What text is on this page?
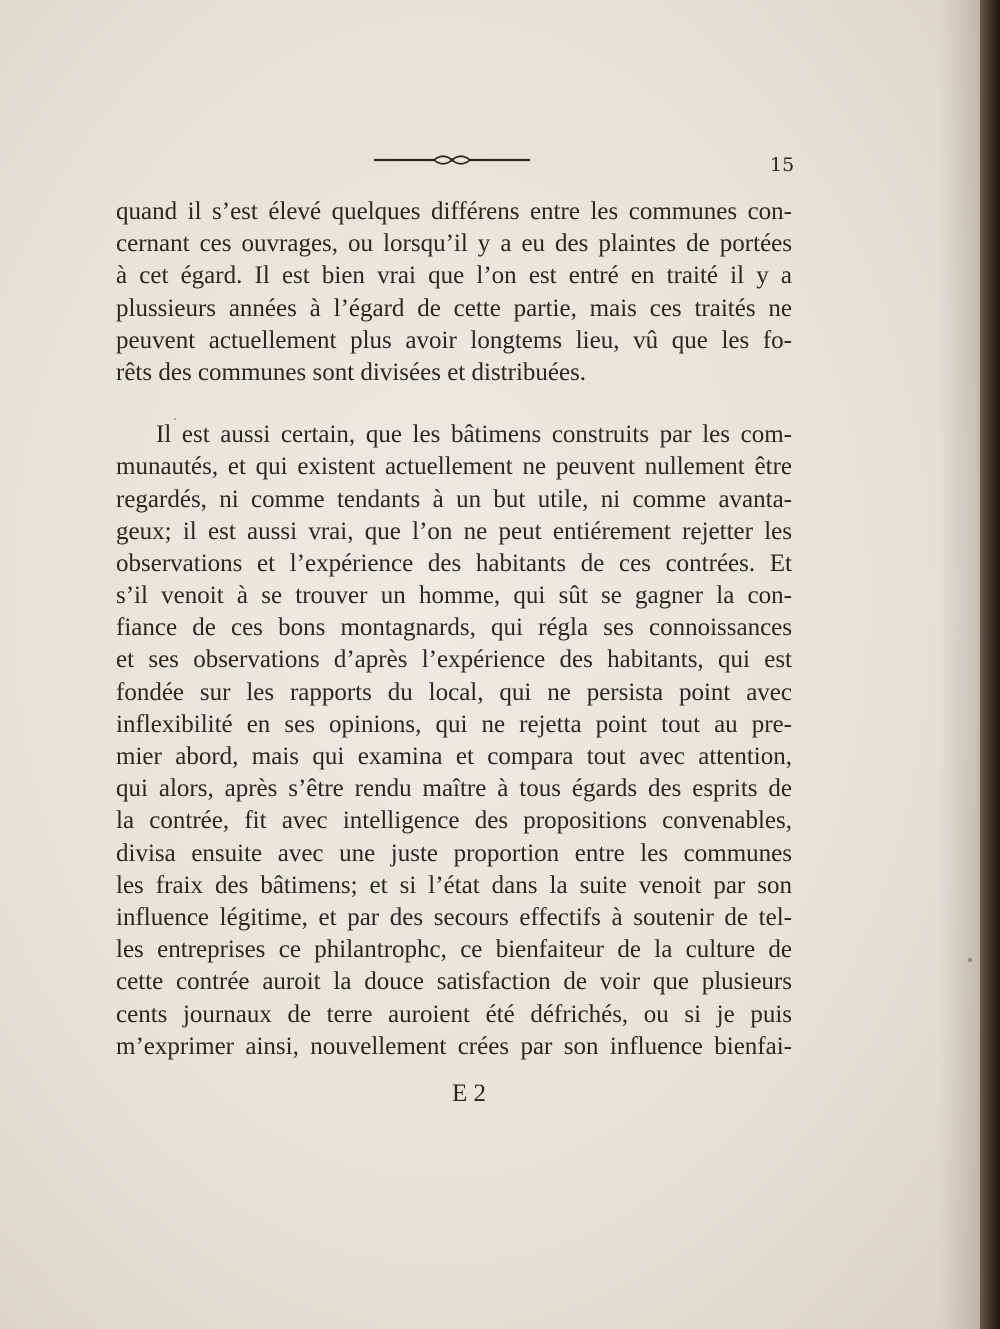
15
quand il s’est élevé quelques différens entre les communes con-
cernant ces ouvrages, ou lorsqu’il y a eu des plaintes de portées
à cet égard. Il est bien vrai que l’on est entré en traité il y a
plussieurs années à l’égard de cette partie, mais ces traités ne
peuvent actuellement plus avoir longtems lieu, vû que les fo-
rêts des communes sont divisées et distribuées.
Il est aussi certain, que les bâtimens construits par les com-
munautés, et qui existent actuellement ne peuvent nullement être
regardés, ni comme tendants à un but utile, ni comme avanta-
geux; il est aussi vrai, que l’on ne peut entiérement rejetter les
observations et l’expérience des habitants de ces contrées. Et
s’il venoit à se trouver un homme, qui sût se gagner la con-
fiance de ces bons montagnards, qui régla ses connoissances
et ses observations d’après l’expérience des habitants, qui est
fondée sur les rapports du local, qui ne persista point avec
inflexibilité en ses opinions, qui ne rejetta point tout au pre-
mier abord, mais qui examina et compara tout avec attention,
qui alors, après s’être rendu maître à tous égards des esprits de
la contrée, fit avec intelligence des propositions convenables,
divisa ensuite avec une juste proportion entre les communes
les fraix des bâtimens; et si l’état dans la suite venoit par son
influence légitime, et par des secours effectifs à soutenir de tel-
les entreprises ce philantrophc, ce bienfaiteur de la culture de
cette contrée auroit la douce satisfaction de voir que plusieurs
cents journaux de terre auroient été défrichés, ou si je puis
m’exprimer ainsi, nouvellement crées par son influence bienfai-
E 2
